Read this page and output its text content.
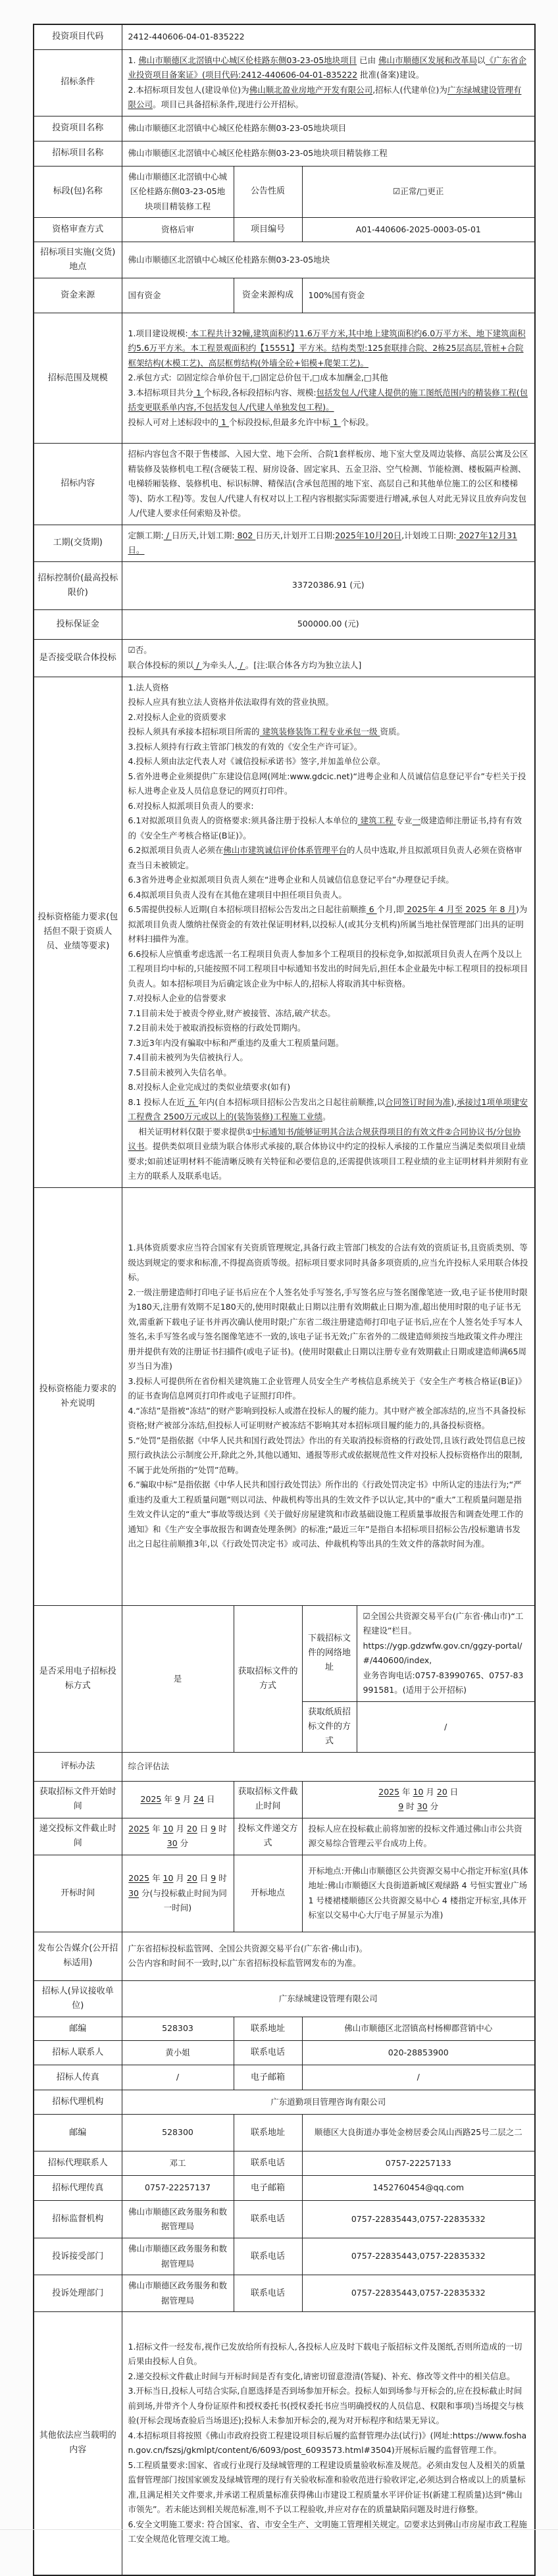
投资项目代码	2412-440606-04-01-835222			
招标条件	1. 佛山市顺德区北滘镇中心城区伦桂路东侧03-23-05地块项目 已由 佛山市顺德区发展和改革局以《广东省企业投资项目备案证》(项目代码:2412-440606-04-01-835222 批准(备案)建设。
2.本招标项目发包人(建设单位)为佛山顺北盈业房地产开发有限公司,招标人(代建单位)为广东绿城建设管理有限公司。项目已具备招标条件,现进行公开招标。			
投资项目名称	佛山市顺德区北滘镇中心城区伦桂路东侧03-23-05地块项目			
招标项目名称	佛山市顺德区北滘镇中心城区伦桂路东侧03-23-05地块项目精装修工程			
标段(包)名称	佛山市顺德区北滘镇中心城区伦桂路东侧03-23-05地块项目精装修工程	公告性质	☑正常/□更正	
资格审查方式	资格后审	项目编号	A01-440606-2025-0003-05-01	
招标项目实施(交货)地点	佛山市顺德区北滘镇中心城区伦桂路东侧03-23-05地块			
资金来源	国有资金	资金来源构成	100%国有资金	
招标范围及规模	1.项目建设规模: 本工程共计32幢,建筑面积约11.6万平方米,其中地上建筑面积约6.0万平方米、地下建筑面积约5.6万平方米。本工程景观面积约【15551】平方米。结构类型:125套联排合院、2栋25层高层,管桩+合院框架结构(木模工艺)、高层框剪结构(外墙全砼+铝模+爬架工艺)。
2.承包方式:  ☑固定综合单价包干,□固定总价包干,□成本加酬金,□其他
3.本招标项目共分 1 个标段,各标段招标内容、规模:包括发包人/代建人提供的施工图纸范围内的精装修工程(包括变更联系单内容,不包括发包人/代建人单独发包工程)。
投标人可对上述标段中的 1 个标段投标,但最多允许中标 1 个标段。			
招标内容	招标内容包含不限于售楼部、入园大堂、地下会所、合院1套样板房、地下室大堂及周边装修、高层公寓及公区精装修及装修机电工程(含硬装工程、厨房设备、固定家具、五金卫浴、空气检测、节能检测、楼板隔声检测、电梯轿厢装修、装修机电、标识标牌、精保洁(含承包范围的地下室、高层自己和其他单位施工的公区和楼梯等)、防水工程)等。发包人/代建人有权对以上工程内容根据实际需要进行增减,承包人对此无异议且放弃向发包人/代建人要求任何索赔及补偿。			
工期(交货期)	定额工期: / 日历天,计划工期: 802 日历天,计划开工日期:2025年10月20日,计划竣工日期: 2027年12月31日。			
招标控制价(最高投标限价)	33720386.91 (元)			
投标保证金	500000.00 (元)			
是否接受联合体投标	☑否。
联合体投标的须以 / 为牵头人, / 。[注:联合体各方均为独立法人]			
投标资格能力要求(包括但不限于资质人员、业绩等要求)	1.法人资格
投标人应具有独立法人资格并依法取得有效的营业执照。
2.对投标人企业的资质要求
投标人须具有承接本招标项目所需的 建筑装修装饰工程专业承包一级 资质。
3.投标人须持有行政主管部门核发的有效的《安全生产许可证》。
4.投标人须由法定代表人对《诚信投标承诺书》签字,并加盖单位公章。
5.省外进粤企业须提供广东建设信息网(网址:www.gdcic.net)“进粤企业和人员诚信信息登记平台”专栏关于投标人进粤企业及人员信息登记的网页打印件。
6.对投标人拟派项目负责人的要求:
6.1对拟派项目负责人的资格要求:须具备注册于投标人本单位的 建筑工程 专业一级建造师注册证书,持有有效的《安全生产考核合格证(B证)》。
6.2拟派项目负责人必须在佛山市建筑诚信评价体系管理平台的人员中选取,并且拟派项目负责人必须在资格审查当日未被锁定。
6.3省外进粤企业拟派项目负责人须在“进粤企业和人员诚信信息登记平台”办理登记手续。
6.4拟派项目负责人没有在其他在建项目中担任项目负责人。
6.5需提供投标人近期(自本招标项目招标公告发出之日起往前顺推 6 个月,即 2025年 4 月至 2025 年 8 月)为拟派项目负责人缴纳社保资金的有效社保证明材料,以投标人(或其分支机构)所属当地社保管理部门出具的证明材料扫描件为准。
6.6投标人应慎重考虑选派一名工程项目负责人参加多个工程项目的投标竞争,如拟派项目负责人在两个及以上工程项目均中标的,只能按照不同工程项目中标通知书发出的时间先后,担任本企业最先中标工程项目的投标项目负责人。如本招标项目为后确定该企业为中标人的,招标人将取消其中标资格。
7.对投标人企业的信誉要求
7.1目前未处于被责令停业,财产被接管、冻结,破产状态。
7.2目前未处于被取消投标资格的行政处罚期内。
7.3近3年内没有骗取中标和严重违约及重大工程质量问题。
7.4目前未被列为失信被执行人。
7.5目前未被列入失信名单。
8.对投标人企业完成过的类似业绩要求(如有)
8.1 投标人在近 五 年内(自本招标项目招标公告发出之日起往前顺推,以合同签订时间为准),承接过1项单项建安工程费含 2500万元或以上的(装饰装修)工程施工业绩。
相关证明材料仅限于要求提供①中标通知书/能够证明其合法合规获得项目的有效文件②合同协议书/分包协议书。提供类似项目业绩为联合体形式承接的,联合体协议中约定的投标人承接的工作量应当满足类似项目业绩要求;如前述证明材料不能清晰反映有关特征和必要信息的,还需提供该项目工程业绩的业主证明材料并须附有业主方的联系人及联系电话。
投标资格能力要求的补充说明	1.具体资质要求应当符合国家有关资质管理规定,具备行政主管部门核发的合法有效的资质证书,且资质类别、等级达到规定的要求和标准,不得提高资质等级。招标项目要求同时具备多项资质的,应当允许投标人采用联合体投标。
2.一级注册建造师打印电子证书后应在个人签名处手写签名,手写签名应与签名图像笔迹一致,电子证书使用时限为180天,注册有效期不足180天的,使用时限截止日期以注册有效期截止日期为准,超出使用时限的电子证书无效,需重新下载电子证书并再次确认使用时限;广东省二级注册建造师打印电子证书后,应在个人签名处手写本人签名,未手写签名或与签名图像笔迹不一致的,该电子证书无效;广东省外的二级建造师须按当地政策文件办理注册并提供有效的注册证书扫描件(或电子证书)。(使用时限截止日期以注册专业有效期截止日期或建造师满65周岁当日为准)
3.投标人可提供所在省份相关建筑施工企业管理人员安全生产考核信息系统关于《安全生产考核合格证(B证)》的证书查询信息网页打印件或电子证照打印件。
4.“冻结”是指被“冻结”的财产影响到投标人或潜在投标人的履约能力。其中财产被全部冻结的,应当不具备投标资格;财产被部分冻结,但投标人可证明财产被冻结不影响其对本招标项目履约能力的,具备投标资格。
5.“处罚”是指依据《中华人民共和国行政处罚法》作出的有关取消投标资格的行政处罚,且该行政处罚信息已按照行政执法公示制度公开,除此之外,其他以通知、通报等形式或依据规范性文件对投标人投标资格作出的限制,不属于此处所指的“处罚”范畴。
6.“骗取中标”是指依据《中华人民共和国行政处罚法》所作出的《行政处罚决定书》中所认定的违法行为;“严重违约及重大工程质量问题”则以司法、仲裁机构等出具的生效文件予以认定,其中的“重大”工程质量问题是指生效文件认定的“重大”事故等级达到《关于做好房屋建筑和市政基础设施工程质量事故报告和调查处理工作的通知》和《生产安全事故报告和调查处理条例》的标准;“最近三年”是指自本招标项目招标公告/投标邀请书发出之日起往前顺推3年,以《行政处罚决定书》或司法、仲裁机构等出具的生效文件的落款时间为准。
是否采用电子招标投标方式	是	获取招标文件的方式	下载招标文件的网络地址	☑全国公共资源交易平台(广东省·佛山市)“工程建设”栏目。
https://ygp.gdzwfw.gov.cn/ggzy-portal/#/440600/index,
业务咨询电话:0757-83990765、0757-83991581。(适用于公开招标)
			获取纸质招标文件的方式	/
评标办法	综合评估法			
获取招标文件开始时间	2025 年 9 月 24 日	获取招标文件截止时间	2025 年 10 月 20 日
9 时 30 分	
递交投标文件截止时间	2025 年 10 月 20 日 9 时 30 分	投标文件递交方式	投标人应在投标截止前将加密的投标文件通过佛山市公共资源交易综合管理云平台成功上传。	
开标时间	2025 年 10 月 20 日 9 时 30 分(与投标截止时间为同一时间)	开标地点	开标地点:开佛山市顺德区公共资源交易中心指定开标室(具体地址:佛山市顺德区大良街道新城区观绿路 4 号恒实置业广场 1 号楼裙楼顺德区公共资源交易中心 4 楼指定开标室,具体开标室以交易中心大厅电子屏显示为准)	
发布公告媒介(公开招标适用)	广东省招标投标监管网、全国公共资源交易平台(广东省·佛山市)。
公告内容和时间不一致时,以广东省招标投标监管网发布的为准。			
招标人(异议接收单位)	广东绿城建设管理有限公司			
邮编	528303	联系地址	佛山市顺德区北滘镇高村杨柳郡营销中心	
招标人联系人	黄小姐	联系电话	020-28853900	
招标人传真	/	电子邮箱	/	
招标代理机构	广东道勤项目管理咨询有限公司			
邮编	528300	联系地址	顺德区大良街道办事处金榜居委会凤山西路25号二层之二	
招标代理联系人	邓工	联系电话	0757-22257133	
招标代理传真	0757-22257137	电子邮箱	1452760454@qq.com	
招标监督机构	佛山市顺德区政务服务和数据管理局	联系电话	0757-22835443,0757-22835332	
投诉接受部门	佛山市顺德区政务服务和数据管理局	联系电话	0757-22835443,0757-22835332	
投诉处理部门	佛山市顺德区政务服务和数据管理局	联系电话	0757-22835443,0757-22835332	
其他依法应当载明的内容	1.招标文件一经发布,视作已发放给所有投标人,各投标人应及时下载电子版招标文件及图纸,否则所造成的一切后果由投标人自负。
2.递交投标文件截止时间与开标时间是否有变化,请密切留意澄清(答疑)、补充、修改等文件中的相关信息。
3.开标当日,投标人可结合实际,自愿选择是否到场参加开标会。投标人如到场参与开标会的,应在投标截止时间前到场,并带齐个人身份证原件和授权委托书(授权委托书应当明确授权的人员信息、权限和事项)当场提交与核验(开标会现场查验后当场退还);投标人未参加开标会的,视为对开标程序和结果无异议。
4.本招标项目将按照《佛山市政府投资工程建设项目标后履约监督管理办法(试行)》(网址:https://www.foshan.gov.cn/fszsj/gkmlpt/content/6/6093/post_6093573.html#3504)开展标后履约监督管理工作。
5.工程质量要求:国家、省或行业现行及绿城管理的工程建设质量验收标准及规范。必须由发包人及相关的质量监督管理部门按国家颁发及绿城管理的现行有关验收标准和验收范进行验收评定,必须达到合格或以上的质量标准,且满足相关文件要求,并承诺工程质量标准获得佛山市建设工程质量水平评价证书(新建工程质量)达到“佛山市领先”。若未能达到相关规范标准,则不予以工程验收,并应对存在的质量缺陷问题及时进行修整。
6.安全文明施工要求: 符合国家、省、市安全生产、文明施工管理相关规定。☑要求达到佛山市房屋市政工程施工安全规范化管理交流工地。
